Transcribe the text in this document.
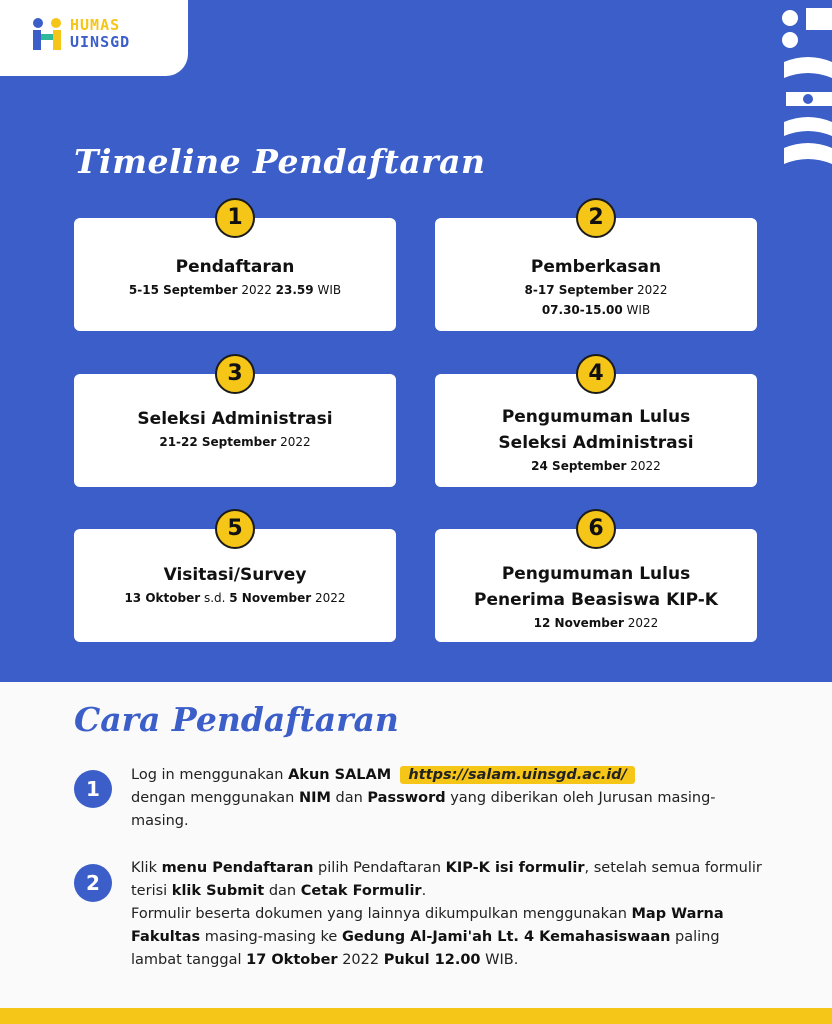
HUMAS
UINSGD
Timeline Pendaftaran
1
Pendaftaran
5-15 September 2022 23.59 WIB
2
Pemberkasan
8-17 September 2022
07.30-15.00 WIB
3
Seleksi Administrasi
21-22 September 2022
4
Pengumuman Lulus
Seleksi Administrasi
24 September 2022
5
Visitasi/Survey
13 Oktober s.d. 5 November 2022
6
Pengumuman Lulus
Penerima Beasiswa KIP-K
12 November 2022
Cara Pendaftaran
1
Log in menggunakan Akun SALAM https://salam.uinsgd.ac.id/
dengan menggunakan NIM dan Password yang diberikan oleh Jurusan masing-masing.
2
Klik menu Pendaftaran pilih Pendaftaran KIP-K isi formulir, setelah semua formulir terisi klik Submit dan Cetak Formulir.
Formulir beserta dokumen yang lainnya dikumpulkan menggunakan Map Warna Fakultas masing-masing ke Gedung Al-Jami'ah Lt. 4 Kemahasiswaan paling lambat tanggal 17 Oktober 2022 Pukul 12.00 WIB.
